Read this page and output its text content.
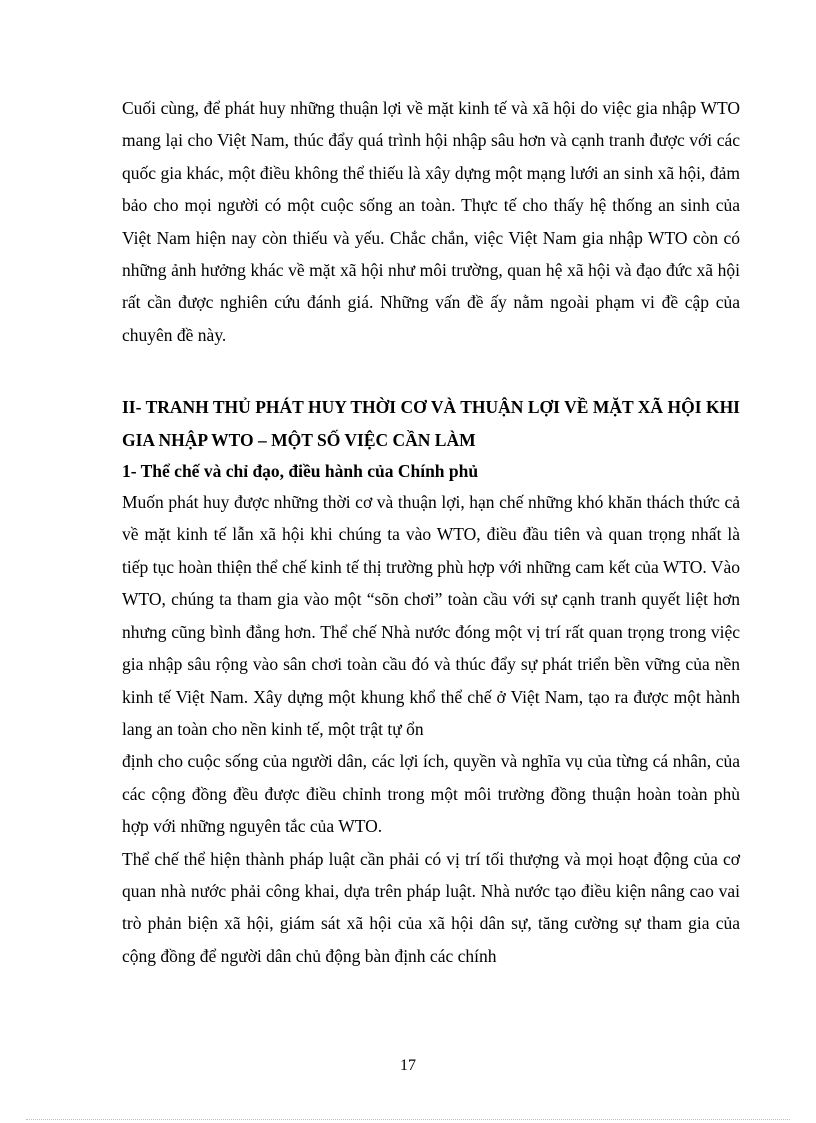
Cuối cùng, để phát huy những thuận lợi về mặt kinh tế và xã hội do việc gia nhập WTO mang lại cho Việt Nam, thúc đẩy quá trình hội nhập sâu hơn và cạnh tranh được với các quốc gia khác, một điều không thể thiếu là xây dựng một mạng lưới an sinh xã hội, đảm bảo cho mọi người có một cuộc sống an toàn. Thực tế cho thấy hệ thống an sinh của Việt Nam hiện nay còn thiếu và yếu. Chắc chắn, việc Việt Nam gia nhập WTO còn có những ảnh hưởng khác về mặt xã hội như môi trường, quan hệ xã hội và đạo đức xã hội rất cần được nghiên cứu đánh giá. Những vấn đề ấy nằm ngoài phạm vi đề cập của chuyên đề này.

II- TRANH THỦ PHÁT HUY THỜI CƠ VÀ THUẬN LỢI VỀ MẶT XÃ HỘI KHI GIA NHẬP WTO – MỘT SỐ VIỆC CẦN LÀM

1- Thể chế và chỉ đạo, điều hành của Chính phủ

Muốn phát huy được những thời cơ và thuận lợi, hạn chế những khó khăn thách thức cả về mặt kinh tế lẫn xã hội khi chúng ta vào WTO, điều đầu tiên và quan trọng nhất là tiếp tục hoàn thiện thể chế kinh tế thị trường phù hợp với những cam kết của WTO. Vào WTO, chúng ta tham gia vào một “sõn chơi” toàn cầu với sự cạnh tranh quyết liệt hơn nhưng cũng bình đẳng hơn. Thể chế Nhà nước đóng một vị trí rất quan trọng trong việc gia nhập sâu rộng vào sân chơi toàn cầu đó và thúc đẩy sự phát triển bền vững của nền kinh tế Việt Nam. Xây dựng một khung khổ thể chế ở Việt Nam, tạo ra được một hành lang an toàn cho nền kinh tế, một trật tự ổn

định cho cuộc sống của người dân, các lợi ích, quyền và nghĩa vụ của từng cá nhân, của các cộng đồng đều được điều chỉnh trong một môi trường đồng thuận hoàn toàn phù hợp với những nguyên tắc của WTO.

Thể chế thể hiện thành pháp luật cần phải có vị trí tối thượng và mọi hoạt động của cơ quan nhà nước phải công khai, dựa trên pháp luật. Nhà nước tạo điều kiện nâng cao vai trò phản biện xã hội, giám sát xã hội của xã hội dân sự, tăng cường sự tham gia của cộng đồng để người dân chủ động bàn định các chính

17
